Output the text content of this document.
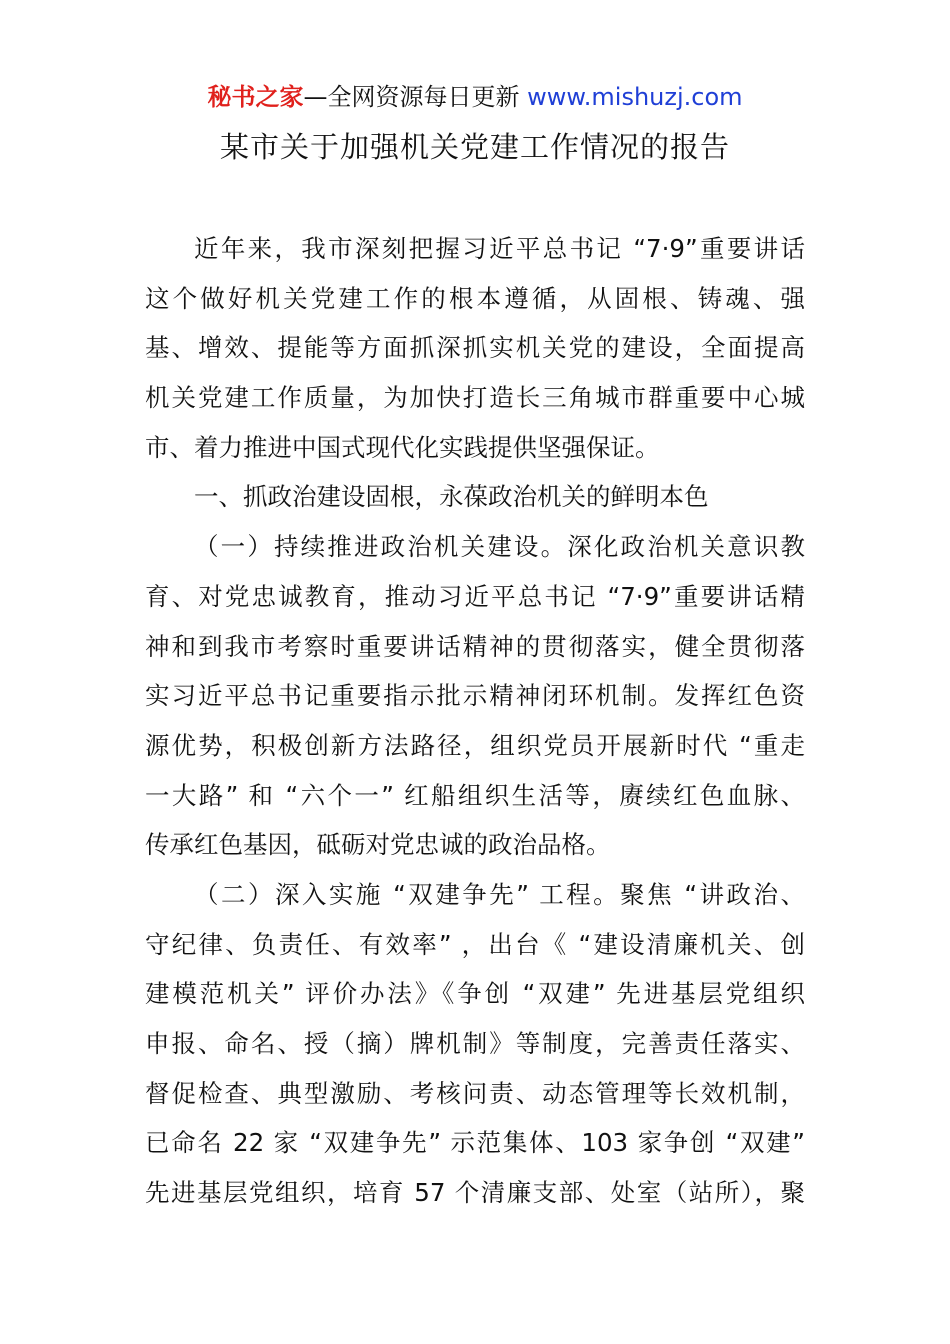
秘书之家—全网资源每日更新 www.mishuzj.com
某市关于加强机关党建工作情况的报告
近年来，我市深刻把握习近平总书记 “7·9”重要讲话
这个做好机关党建工作的根本遵循，从固根、铸魂、强
基、增效、提能等方面抓深抓实机关党的建设，全面提高
机关党建工作质量，为加快打造长三角城市群重要中心城
市、着力推进中国式现代化实践提供坚强保证。
一、抓政治建设固根，永葆政治机关的鲜明本色
（一）持续推进政治机关建设。深化政治机关意识教
育、对党忠诚教育，推动习近平总书记 “7·9”重要讲话精
神和到我市考察时重要讲话精神的贯彻落实，健全贯彻落
实习近平总书记重要指示批示精神闭环机制。发挥红色资
源优势，积极创新方法路径，组织党员开展新时代 “重走
一大路” 和 “六个一” 红船组织生活等，赓续红色血脉、
传承红色基因，砥砺对党忠诚的政治品格。
（二）深入实施 “双建争先” 工程。聚焦 “讲政治、
守纪律、负责任、有效率” ，出台《 “建设清廉机关、创
建模范机关” 评价办法》《争创 “双建” 先进基层党组织
申报、命名、授（摘）牌机制》等制度，完善责任落实、
督促检查、典型激励、考核问责、动态管理等长效机制，
已命名 22 家 “双建争先” 示范集体、103 家争创 “双建”
先进基层党组织，培育 57 个清廉支部、处室（站所），聚
